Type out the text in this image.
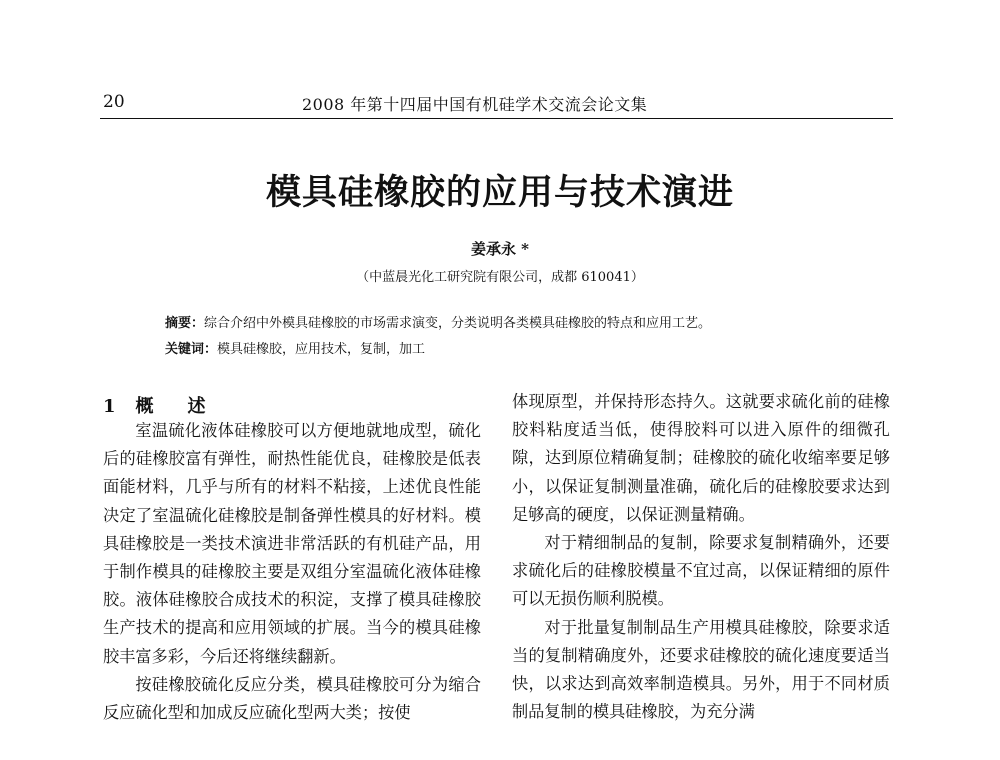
20	2008 年第十四届中国有机硅学术交流会论文集
模具硅橡胶的应用与技术演进
姜承永 *
（中蓝晨光化工研究院有限公司，成都 610041）
摘要：综合介绍中外模具硅橡胶的市场需求演变，分类说明各类模具硅橡胶的特点和应用工艺。
关键词：模具硅橡胶，应用技术，复制，加工
1 概 述

室温硫化液体硅橡胶可以方便地就地成型，硫化后的硅橡胶富有弹性，耐热性能优良，硅橡胶是低表面能材料，几乎与所有的材料不粘接，上述优良性能决定了室温硫化硅橡胶是制备弹性模具的好材料。模具硅橡胶是一类技术演进非常活跃的有机硅产品，用于制作模具的硅橡胶主要是双组分室温硫化液体硅橡胶。液体硅橡胶合成技术的积淀，支撑了模具硅橡胶生产技术的提高和应用领域的扩展。当今的模具硅橡胶丰富多彩，今后还将继续翻新。

按硅橡胶硫化反应分类，模具硅橡胶可分为缩合反应硫化型和加成反应硫化型两大类；按使

体现原型，并保持形态持久。这就要求硫化前的硅橡胶料粘度适当低，使得胶料可以进入原件的细微孔隙，达到原位精确复制；硅橡胶的硫化收缩率要足够小，以保证复制测量准确，硫化后的硅橡胶要求达到足够高的硬度，以保证测量精确。

对于精细制品的复制，除要求复制精确外，还要求硫化后的硅橡胶模量不宜过高，以保证精细的原件可以无损伤顺利脱模。

对于批量复制制品生产用模具硅橡胶，除要求适当的复制精确度外，还要求硅橡胶的硫化速度要适当快，以求达到高效率制造模具。另外，用于不同材质制品复制的模具硅橡胶，为充分满
